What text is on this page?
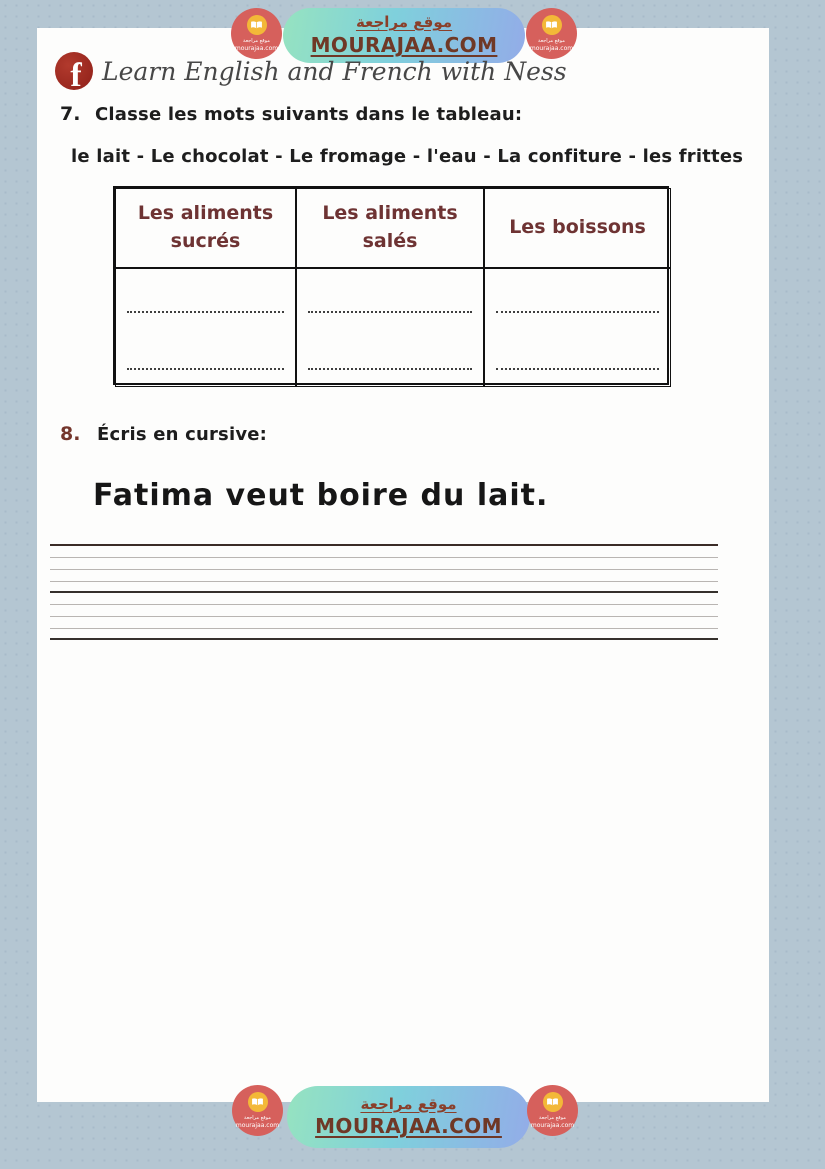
موقع مراجعة
MOURAJAA.COM
موقع مراجعة
mourajaa.com
موقع مراجعة
mourajaa.com
f Learn English and French with Ness
7. Classe les mots suivants dans le tableau:
le lait - Le chocolat - Le fromage - l'eau - La confiture - les frittes
Les aliments sucrés
Les aliments salés
Les boissons
8. Écris en cursive:
Fatima veut boire du lait.
موقع مراجعة
MOURAJAA.COM
موقع مراجعة
mourajaa.com
موقع مراجعة
mourajaa.com
